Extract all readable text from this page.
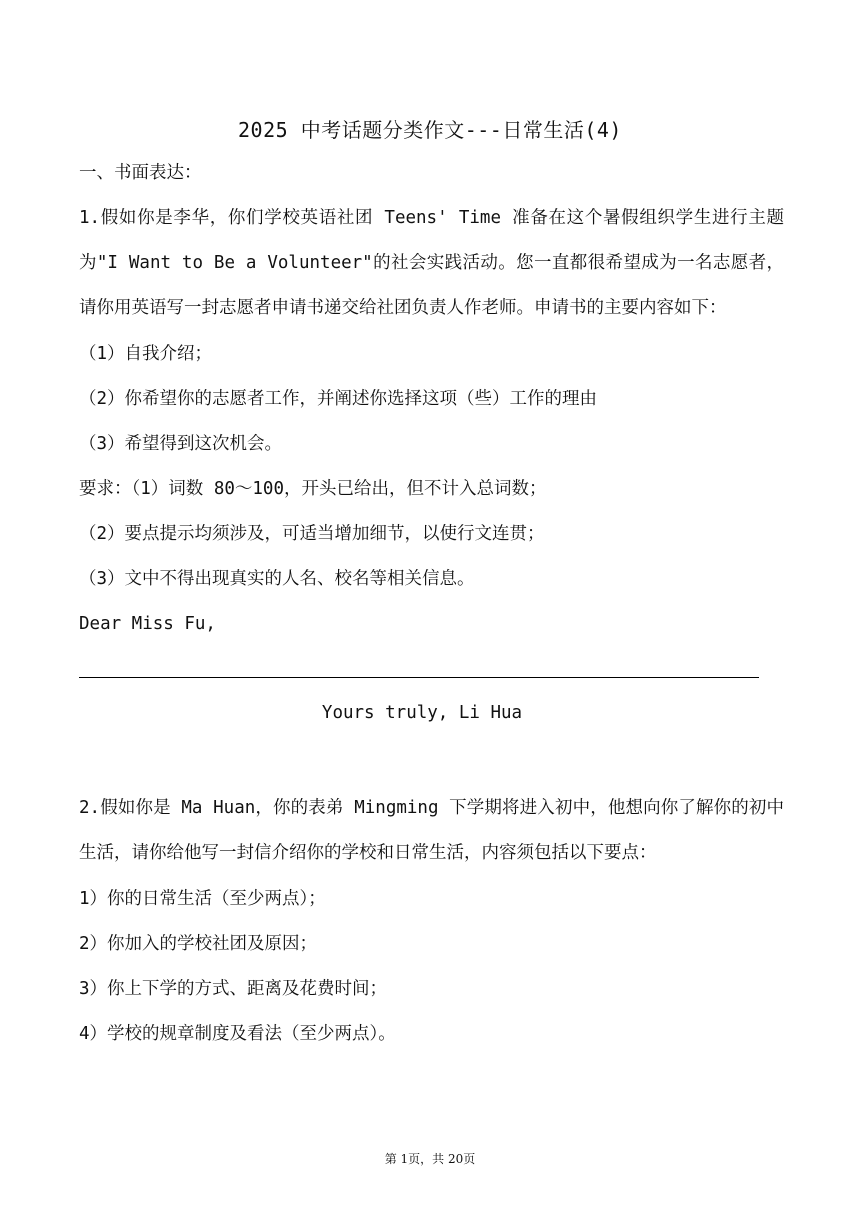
2025 中考话题分类作文---日常生活(4)
一、书面表达：
1.假如你是李华，你们学校英语社团 Teens' Time 准备在这个暑假组织学生进行主题为"I Want to Be a Volunteer"的社会实践活动。您一直都很希望成为一名志愿者，请你用英语写一封志愿者申请书递交给社团负责人作老师。申请书的主要内容如下：
（1）自我介绍；
（2）你希望你的志愿者工作，并阐述你选择这项（些）工作的理由
（3）希望得到这次机会。
要求：（1）词数 80～100，开头已给出，但不计入总词数；
（2）要点提示均须涉及，可适当增加细节，以使行文连贯；
（3）文中不得出现真实的人名、校名等相关信息。
Dear Miss Fu,
Yours truly, Li Hua
2.假如你是 Ma Huan，你的表弟 Mingming 下学期将进入初中，他想向你了解你的初中生活，请你给他写一封信介绍你的学校和日常生活，内容须包括以下要点：
1）你的日常生活（至少两点）；
2）你加入的学校社团及原因；
3）你上下学的方式、距离及花费时间；
4）学校的规章制度及看法（至少两点）。
第 1页，共 20页
